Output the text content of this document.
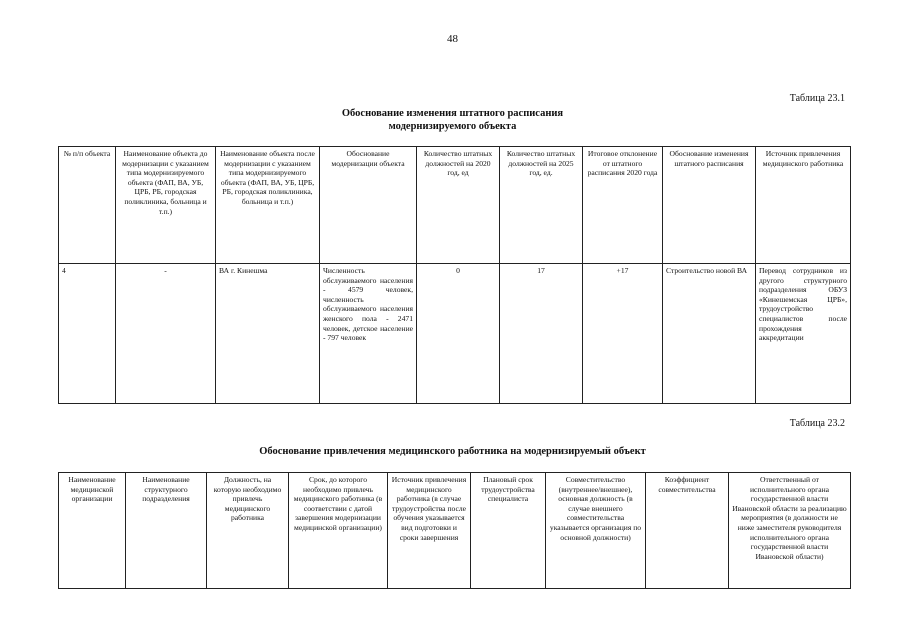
48
Таблица 23.1
Обоснование изменения штатного расписания
модернизируемого объекта
№ п/п объекта	Наименование объекта до модернизации с указанием типа модернизируемого объекта (ФАП, ВА, УБ, ЦРБ, РБ, городская поликлиника, больница и т.п.)	Наименование объекта после модернизации с указанием типа модернизируемого объекта (ФАП, ВА, УБ, ЦРБ, РБ, городская поликлиника, больница и т.п.)	Обоснование модернизации объекта	Количество штатных должностей на 2020 год, ед	Количество штатных должностей на 2025 год, ед.	Итоговое отклонение от штатного расписания 2020 года	Обоснование изменения штатного расписания	Источник привлечения медицинского работника
4	-	ВА г. Кинешма	Численность обслуживаемого населения - 4579 человек, численность обслуживаемого населения женского пола - 2471 человек, детское население - 797 человек	0	17	+17	Строительство новой ВА	Перевод сотрудников из другого структурного подразделения ОБУЗ «Кинешемская ЦРБ», трудоустройство специалистов после прохождения аккредитации
Таблица 23.2
Обоснование привлечения медицинского работника на модернизируемый объект
Наименование медицинской организации	Наименование структурного подразделения	Должность, на которую необходимо привлечь медицинского работника	Срок, до которого необходимо привлечь медицинского работника (в соответствии с датой завершения модернизации медицинской организации)	Источник привлечения медицинского работника (в случае трудоустройства после обучения указывается вид подготовки и сроки завершения	Плановый срок трудоустройства специалиста	Совместительство (внутреннее/внешнее), основная должность (в случае внешнего совместительства указывается организация по основной должности)	Коэффициент совместительства	Ответственный от исполнительного органа государственной власти Ивановской области за реализацию мероприятия (в должности не ниже заместителя руководителя исполнительного органа государственной власти Ивановской области)
